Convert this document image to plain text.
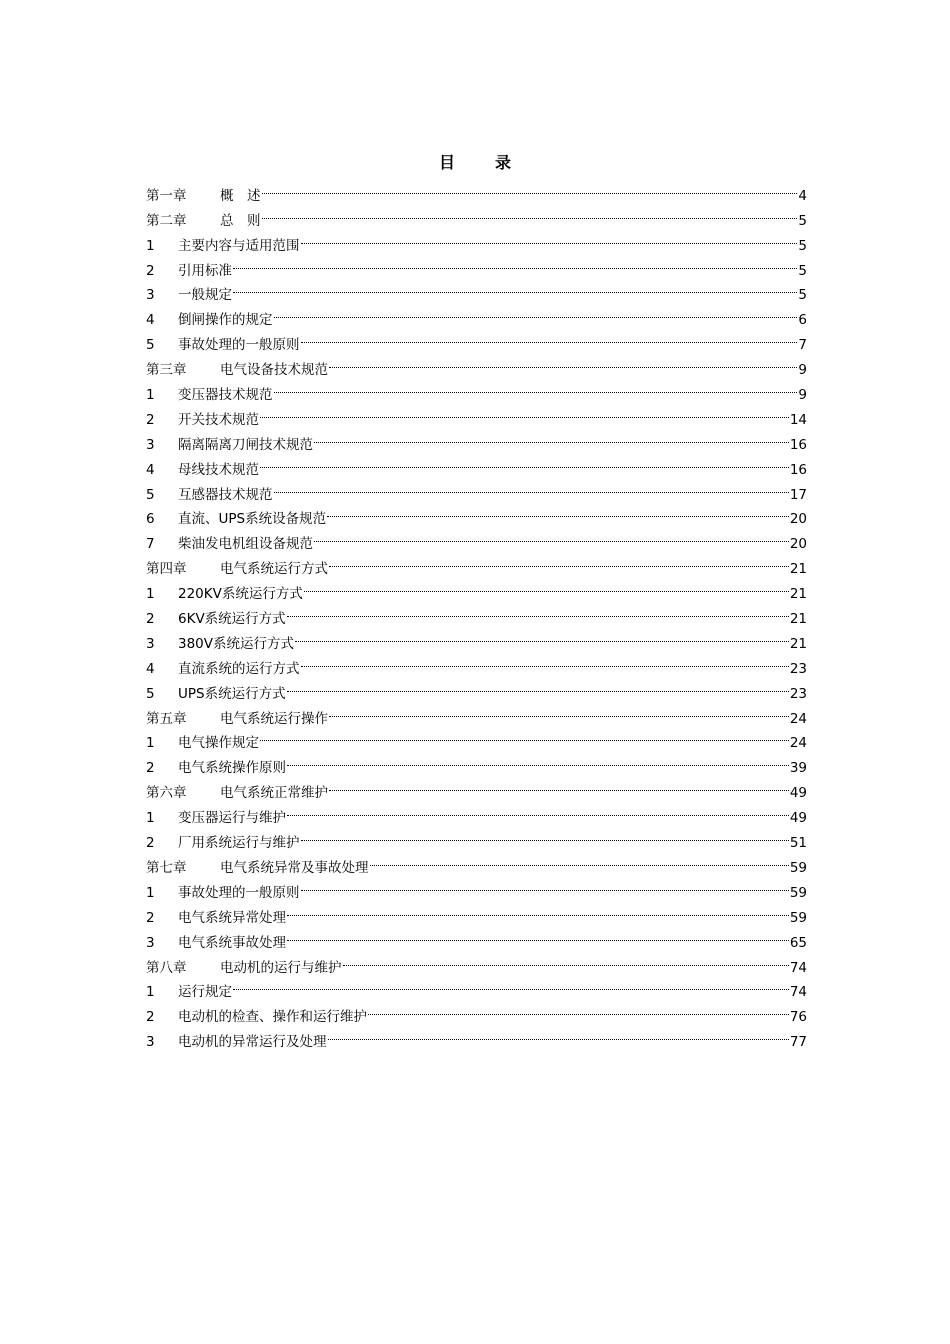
目	录
第一章	概　述	4
第二章	总　则	5
1	主要内容与适用范围	5
2	引用标准	5
3	一般规定	5
4	倒闸操作的规定	6
5	事故处理的一般原则	7
第三章	电气设备技术规范	9
1	变压器技术规范	9
2	开关技术规范	14
3	隔离隔离刀闸技术规范	16
4	母线技术规范	16
5	互感器技术规范	17
6	直流、UPS系统设备规范	20
7	柴油发电机组设备规范	20
第四章	电气系统运行方式	21
1	220KV系统运行方式	21
2	6KV系统运行方式	21
3	380V系统运行方式	21
4	直流系统的运行方式	23
5	UPS系统运行方式	23
第五章	电气系统运行操作	24
1	电气操作规定	24
2	电气系统操作原则	39
第六章	电气系统正常维护	49
1	变压器运行与维护	49
2	厂用系统运行与维护	51
第七章	电气系统异常及事故处理	59
1	事故处理的一般原则	59
2	电气系统异常处理	59
3	电气系统事故处理	65
第八章	电动机的运行与维护	74
1	运行规定	74
2	电动机的检查、操作和运行维护	76
3	电动机的异常运行及处理	77
